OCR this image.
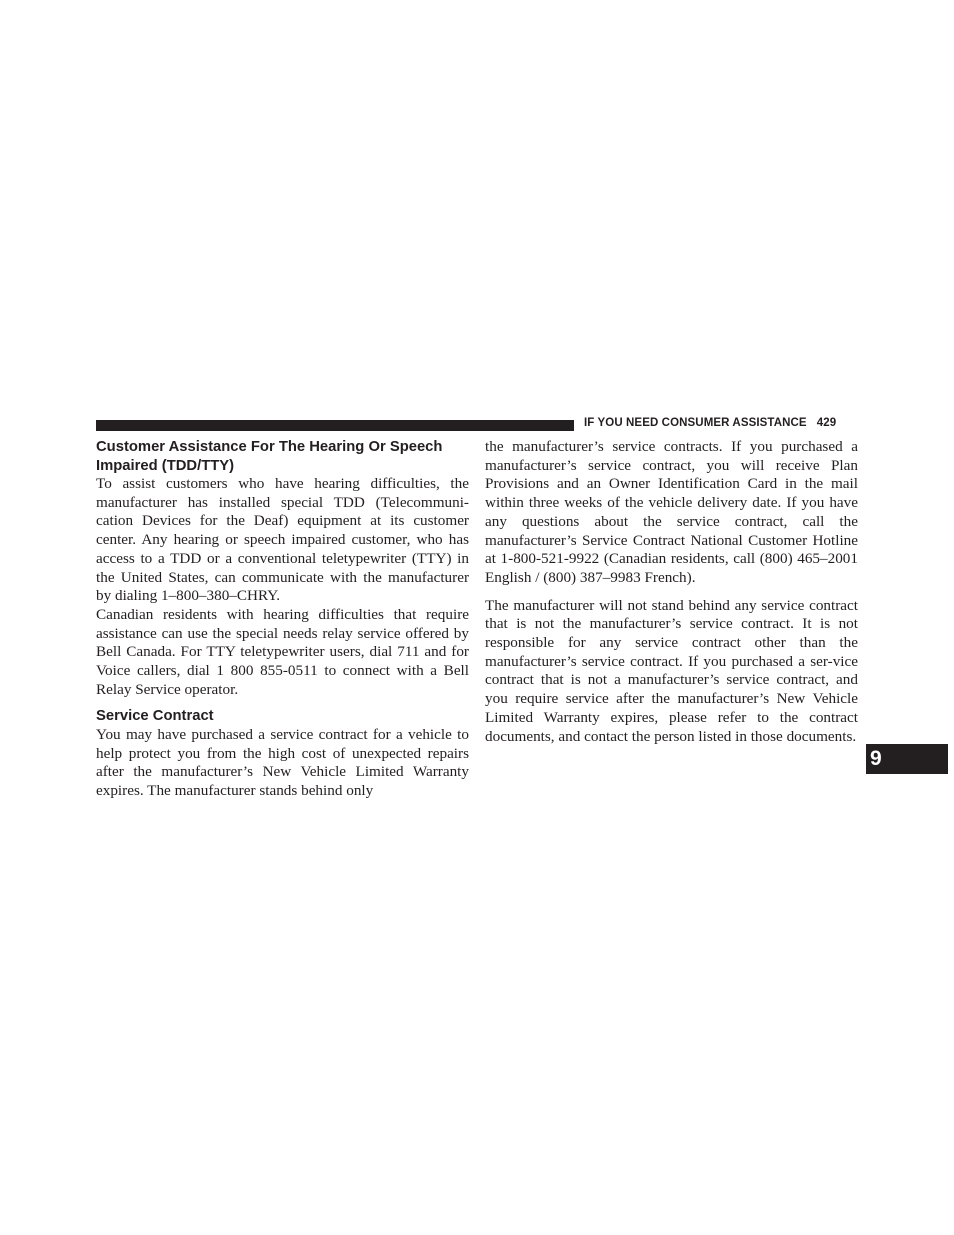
IF YOU NEED CONSUMER ASSISTANCE 429
Customer Assistance For The Hearing Or Speech Impaired (TDD/TTY)

To assist customers who have hearing difficulties, the manufacturer has installed special TDD (Telecommuni-cation Devices for the Deaf) equipment at its customer center. Any hearing or speech impaired customer, who has access to a TDD or a conventional teletypewriter (TTY) in the United States, can communicate with the manufacturer by dialing 1–800–380–CHRY.

Canadian residents with hearing difficulties that require assistance can use the special needs relay service offered by Bell Canada. For TTY teletypewriter users, dial 711 and for Voice callers, dial 1 800 855-0511 to connect with a Bell Relay Service operator.

Service Contract

You may have purchased a service contract for a vehicle to help protect you from the high cost of unexpected repairs after the manufacturer’s New Vehicle Limited Warranty expires. The manufacturer stands behind only

the manufacturer’s service contracts. If you purchased a manufacturer’s service contract, you will receive Plan Provisions and an Owner Identification Card in the mail within three weeks of the vehicle delivery date. If you have any questions about the service contract, call the manufacturer’s Service Contract National Customer Hotline at 1-800-521-9922 (Canadian residents, call (800) 465–2001 English / (800) 387–9983 French).

The manufacturer will not stand behind any service contract that is not the manufacturer’s service contract. It is not responsible for any service contract other than the manufacturer’s service contract. If you purchased a ser-vice contract that is not a manufacturer’s service contract, and you require service after the manufacturer’s New Vehicle Limited Warranty expires, please refer to the contract documents, and contact the person listed in those documents.

9
